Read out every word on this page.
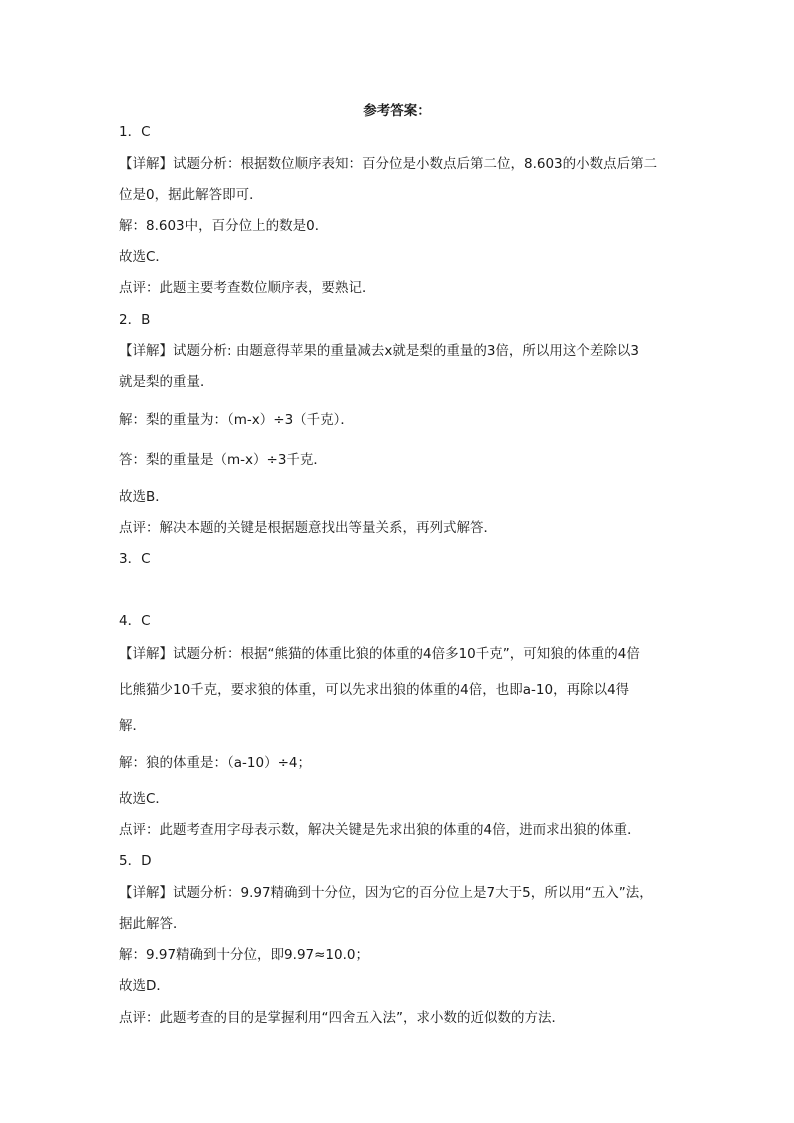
参考答案：
1．C
【详解】试题分析：根据数位顺序表知：百分位是小数点后第二位，8.603的小数点后第二
位是0，据此解答即可．
解：8.603中，百分位上的数是0．
故选C．
点评：此题主要考查数位顺序表，要熟记．
2．B
【详解】试题分析: 由题意得苹果的重量减去x就是梨的重量的3倍，所以用这个差除以3
就是梨的重量．
解：梨的重量为：（m-x）÷3（千克）．
答：梨的重量是（m-x）÷3千克．
故选B．
点评：解决本题的关键是根据题意找出等量关系，再列式解答．
3．C
4．C
【详解】试题分析：根据“熊猫的体重比狼的体重的4倍多10千克”，可知狼的体重的4倍
比熊猫少10千克，要求狼的体重，可以先求出狼的体重的4倍，也即a-10，再除以4得
解．
解：狼的体重是：（a-10）÷4；
故选C．
点评：此题考查用字母表示数，解决关键是先求出狼的体重的4倍，进而求出狼的体重．
5．D
【详解】试题分析：9.97精确到十分位，因为它的百分位上是7大于5，所以用“五入”法，
据此解答．
解：9.97精确到十分位，即9.97≈10.0；
故选D．
点评：此题考查的目的是掌握利用“四舍五入法”，求小数的近似数的方法．
